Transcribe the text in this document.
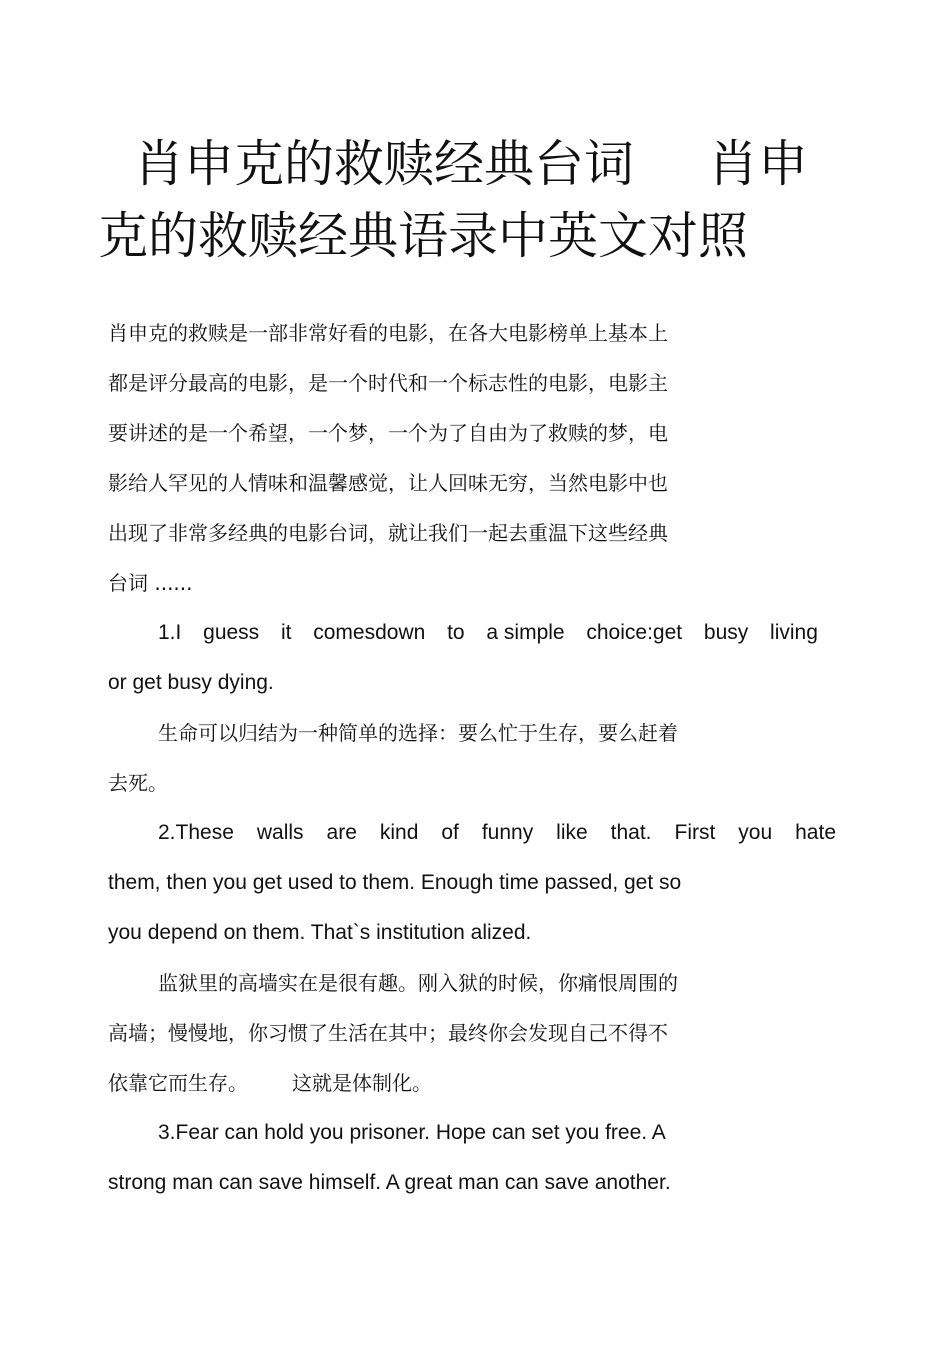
肖申克的救赎经典台词 肖申
克的救赎经典语录中英文对照
肖申克的救赎是一部非常好看的电影，在各大电影榜单上基本上
都是评分最高的电影，是一个时代和一个标志性的电影，电影主
要讲述的是一个希望，一个梦，一个为了自由为了救赎的梦，电
影给人罕见的人情味和温馨感觉，让人回味无穷，当然电影中也
出现了非常多经典的电影台词，就让我们一起去重温下这些经典
台词 ......
1.I guess it comesdown to a simple choice:get busy living
or get busy dying.
生命可以归结为一种简单的选择：要么忙于生存，要么赶着
去死。
2.These walls are kind of funny like that. First you hate
them, then you get used to them. Enough time passed, get so
you depend on them. That`s institution alized.
监狱里的高墙实在是很有趣。刚入狱的时候，你痛恨周围的
高墙；慢慢地，你习惯了生活在其中；最终你会发现自己不得不
依靠它而生存。 这就是体制化。
3.Fear can hold you prisoner. Hope can set you free. A
strong man can save himself. A great man can save another.
